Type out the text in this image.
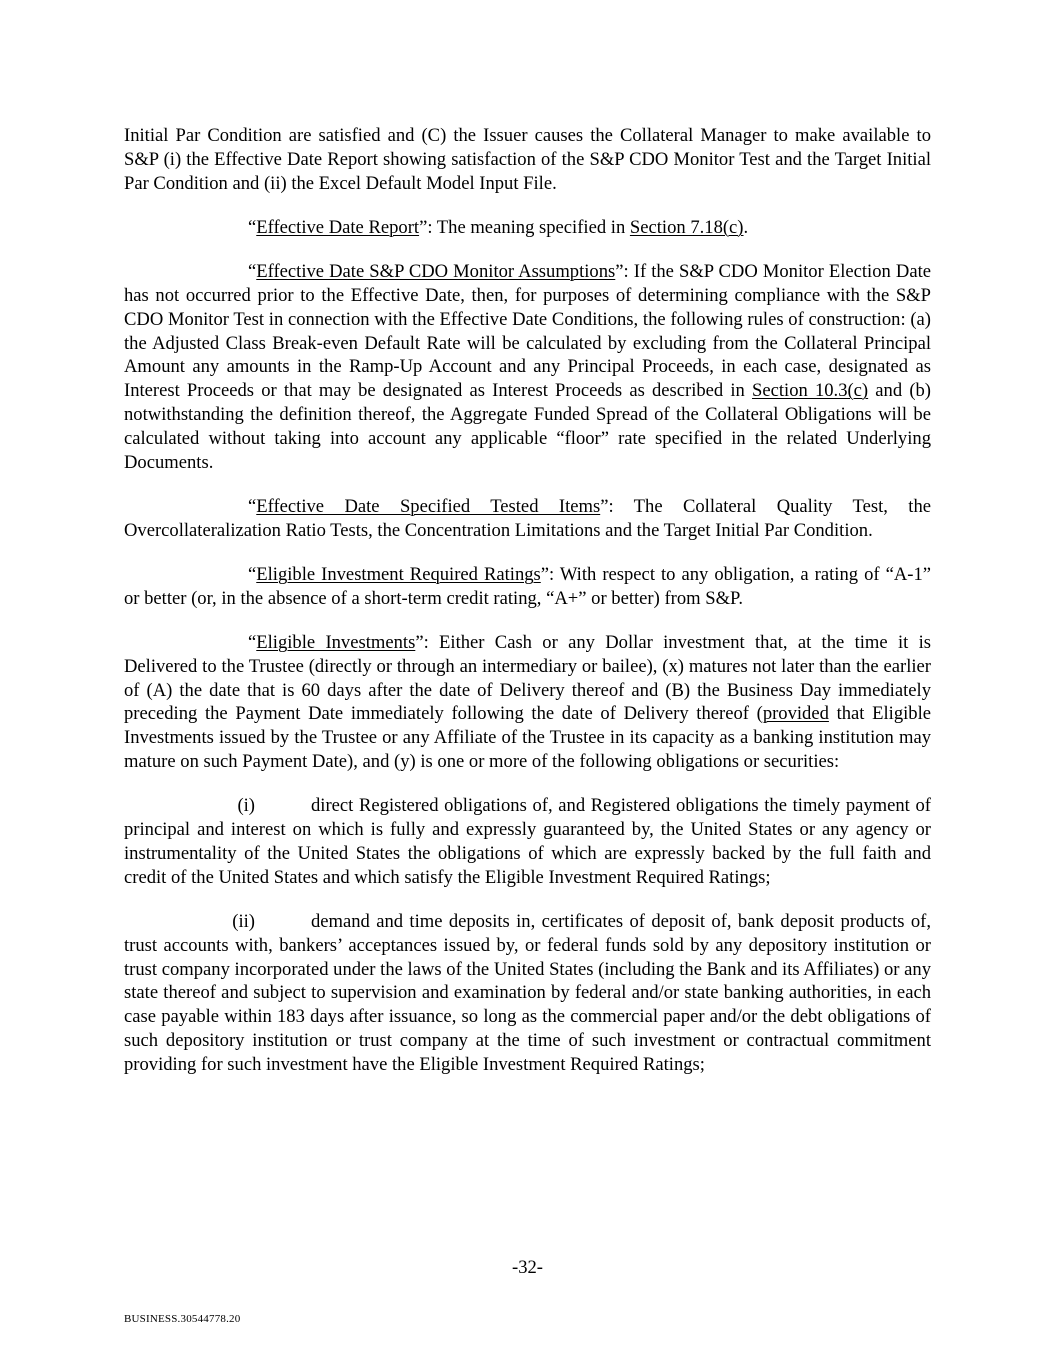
Initial Par Condition are satisfied and (C) the Issuer causes the Collateral Manager to make available to S&P (i) the Effective Date Report showing satisfaction of the S&P CDO Monitor Test and the Target Initial Par Condition and (ii) the Excel Default Model Input File.

“Effective Date Report”: The meaning specified in Section 7.18(c).

“Effective Date S&P CDO Monitor Assumptions”: If the S&P CDO Monitor Election Date has not occurred prior to the Effective Date, then, for purposes of determining compliance with the S&P CDO Monitor Test in connection with the Effective Date Conditions, the following rules of construction: (a) the Adjusted Class Break-even Default Rate will be calculated by excluding from the Collateral Principal Amount any amounts in the Ramp-Up Account and any Principal Proceeds, in each case, designated as Interest Proceeds or that may be designated as Interest Proceeds as described in Section 10.3(c) and (b) notwithstanding the definition thereof, the Aggregate Funded Spread of the Collateral Obligations will be calculated without taking into account any applicable “floor” rate specified in the related Underlying Documents.

“Effective Date Specified Tested Items”: The Collateral Quality Test, the Overcollateralization Ratio Tests, the Concentration Limitations and the Target Initial Par Condition.

“Eligible Investment Required Ratings”: With respect to any obligation, a rating of “A-1” or better (or, in the absence of a short-term credit rating, “A+” or better) from S&P.

“Eligible Investments”: Either Cash or any Dollar investment that, at the time it is Delivered to the Trustee (directly or through an intermediary or bailee), (x) matures not later than the earlier of (A) the date that is 60 days after the date of Delivery thereof and (B) the Business Day immediately preceding the Payment Date immediately following the date of Delivery thereof (provided that Eligible Investments issued by the Trustee or any Affiliate of the Trustee in its capacity as a banking institution may mature on such Payment Date), and (y) is one or more of the following obligations or securities:

(i)	direct Registered obligations of, and Registered obligations the timely payment of principal and interest on which is fully and expressly guaranteed by, the United States or any agency or instrumentality of the United States the obligations of which are expressly backed by the full faith and credit of the United States and which satisfy the Eligible Investment Required Ratings;

(ii)	demand and time deposits in, certificates of deposit of, bank deposit products of, trust accounts with, bankers’ acceptances issued by, or federal funds sold by any depository institution or trust company incorporated under the laws of the United States (including the Bank and its Affiliates) or any state thereof and subject to supervision and examination by federal and/or state banking authorities, in each case payable within 183 days after issuance, so long as the commercial paper and/or the debt obligations of such depository institution or trust company at the time of such investment or contractual commitment providing for such investment have the Eligible Investment Required Ratings;

-32-
BUSINESS.30544778.20
